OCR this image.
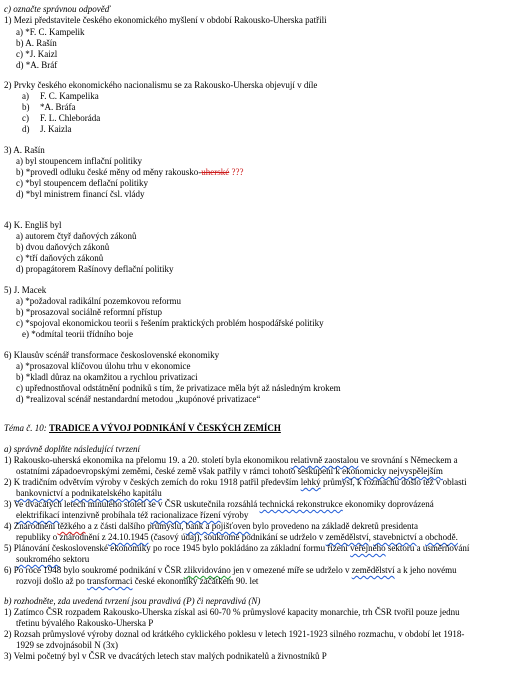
c) označte správnou odpověď
1) Mezi představitele českého ekonomického myšlení v období Rakousko-Uherska patřili
a) *F. C. Kampelik
b) A. Rašín
c) *J. Kaizl
d) *A. Bráf
2) Prvky českého ekonomického nacionalismu se za Rakousko-Uherska objevují v díle
a) F. C. Kampelika
b) *A. Bráfa
c) F. L. Chleboráda
d) J. Kaizla
3) A. Rašín
a) byl stoupencem inflační politiky
b) *provedl odluku české měny od měny rakousko-uherské ???
c) *byl stoupencem deflační politiky
d) *byl ministrem financí čsl. vlády
4) K. Engliš byl
a) autorem čtyř daňových zákonů
b) dvou daňových zákonů
c) *tří daňových zákonů
d) propagátorem Rašínovy deflační politiky
5) J. Macek
a) *požadoval radikální pozemkovou reformu
b) *prosazoval sociálně reformní přístup
c) *spojoval ekonomickou teorii s řešením praktických problém hospodářské politiky
e) *odmítal teorii třídního boje
6) Klausův scénář transformace československé ekonomiky
a) *prosazoval klíčovou úlohu trhu v ekonomice
b) *kladl důraz na okamžitou a rychlou privatizaci
c) upřednostňoval odstátnění podniků s tím, že privatizace měla být až následným krokem
d) *realizoval scénář nestandardní metodou „kupónové privatizace“
Téma č. 10: TRADICE A VÝVOJ PODNIKÁNÍ V ČESKÝCH ZEMÍCH
a) správně doplňte následující tvrzení
1) Rakousko-uherská ekonomika na přelomu 19. a 20. století byla ekonomikou relativně zaostalou ve srovnání s Německem a
ostatními západoevropskými zeměmi, české země však patřily v rámci tohoto seskupení k ekonomicky nejvyspělejším
2) K tradičním odvětvím výroby v českých zemích do roku 1918 patřil především lehký průmysl, k rozmachu došlo též v oblasti
bankovnictví a podnikatelského kapitálu
3) Ve dvacátých letech minulého století se v ČSR uskutečnila rozsáhlá technická rekonstrukce ekonomiky doprovázená
elektrifikací intenzivně probíhala též racionalizace řízení výroby
4) Znárodnění těžkého a z části dalšího průmyslu, bank a pojišťoven bylo provedeno na základě dekretů presidenta
republiky o znárodnění z 24.10.1945 (časový údaj), soukromé podnikání se udrželo v zemědělství, stavebnictví a obchodě.
5) Plánování československé ekonomiky po roce 1945 bylo pokládáno za základní formu řízení veřejného sektoru a usměrňování
soukromého sektoru
6) Po roce 1948 bylo soukromé podnikání v ČSR zlikvidováno jen v omezené míře se udrželo v zemědělství a k jeho novému
rozvoji došlo až po transformaci české ekonomiky začátkem 90. let
b) rozhodněte, zda uvedená tvrzení jsou pravdivá (P) či nepravdivá (N)
1) Zatímco ČSR rozpadem Rakousko-Uherska získal asi 60-70 % průmyslové kapacity monarchie, trh ČSR tvořil pouze jednu
třetinu bývalého Rakousko-Uherska P
2) Rozsah průmyslové výroby doznal od krátkého cyklického poklesu v letech 1921-1923 silného rozmachu, v období let 1918-
1929 se zdvojnásobil N (3x)
3) Velmi početný byl v ČSR ve dvacátých letech stav malých podnikatelů a živnostníků P
